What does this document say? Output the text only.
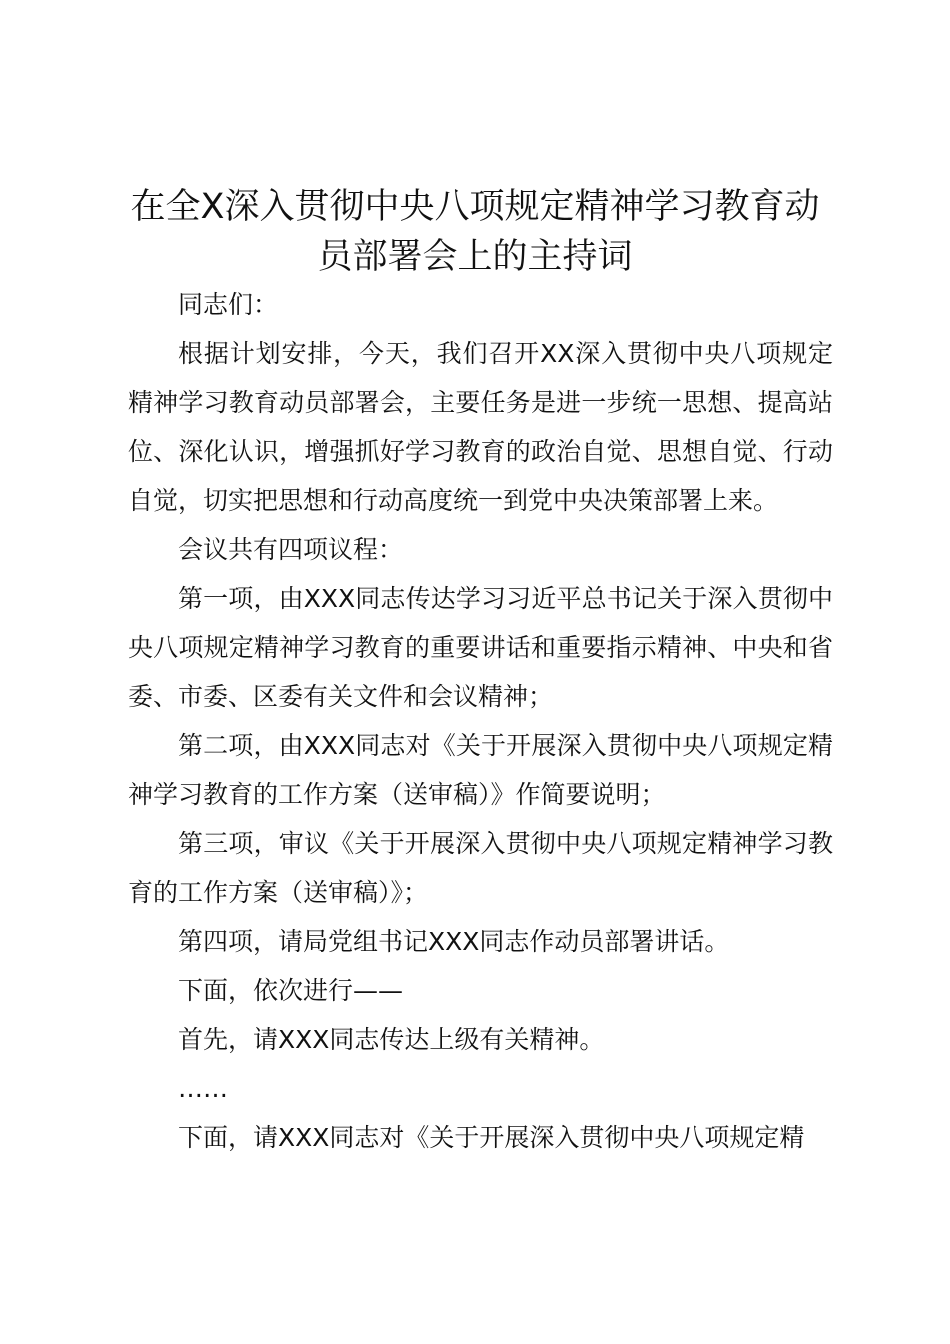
在全X深入贯彻中央八项规定精神学习教育动
员部署会上的主持词

同志们：

根据计划安排，今天，我们召开XX深入贯彻中央八项规定精神学习教育动员部署会，主要任务是进一步统一思想、提高站位、深化认识，增强抓好学习教育的政治自觉、思想自觉、行动自觉，切实把思想和行动高度统一到党中央决策部署上来。

会议共有四项议程：

第一项，由XXX同志传达学习习近平总书记关于深入贯彻中央八项规定精神学习教育的重要讲话和重要指示精神、中央和省委、市委、区委有关文件和会议精神；

第二项，由XXX同志对《关于开展深入贯彻中央八项规定精神学习教育的工作方案（送审稿）》作简要说明；

第三项，审议《关于开展深入贯彻中央八项规定精神学习教育的工作方案（送审稿）》；

第四项，请局党组书记XXX同志作动员部署讲话。

下面，依次进行——

首先，请XXX同志传达上级有关精神。

……

下面，请XXX同志对《关于开展深入贯彻中央八项规定精
